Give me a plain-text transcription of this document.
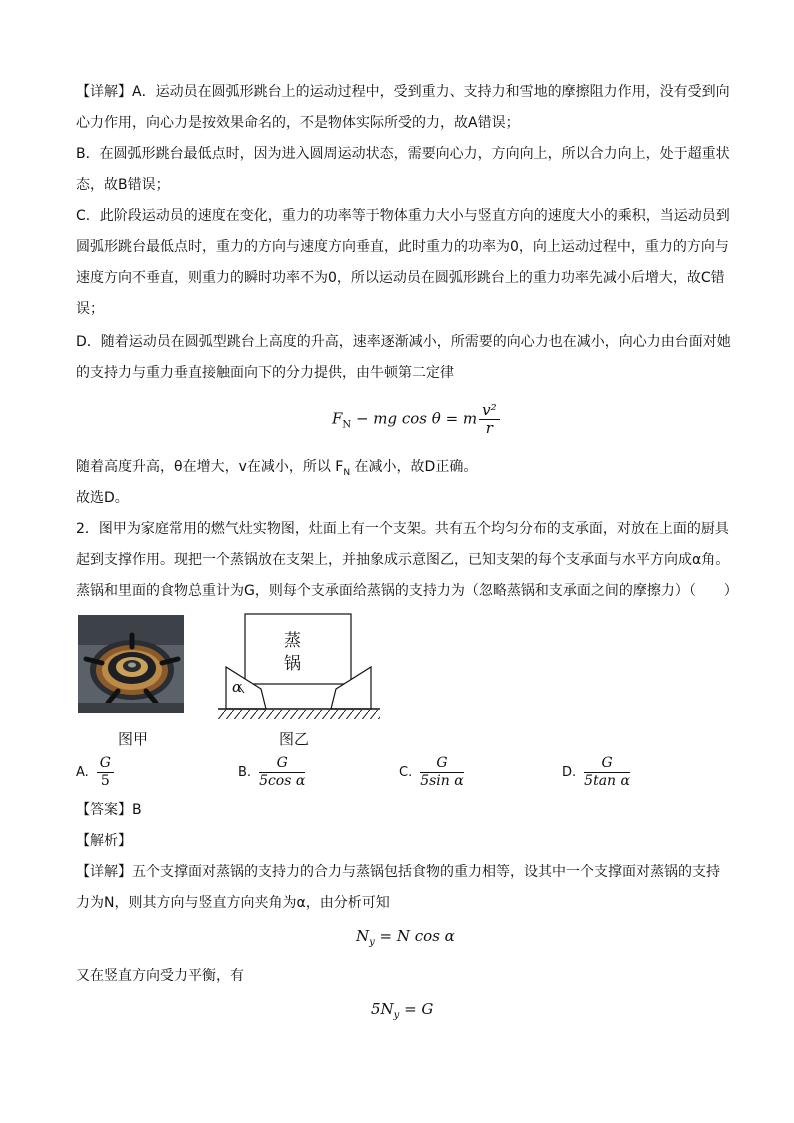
【详解】A．运动员在圆弧形跳台上的运动过程中，受到重力、支持力和雪地的摩擦阻力作用，没有受到向
心力作用，向心力是按效果命名的，不是物体实际所受的力，故A错误；
B．在圆弧形跳台最低点时，因为进入圆周运动状态，需要向心力，方向向上，所以合力向上，处于超重状
态，故B错误；
C．此阶段运动员的速度在变化，重力的功率等于物体重力大小与竖直方向的速度大小的乘积，当运动员到
圆弧形跳台最低点时，重力的方向与速度方向垂直，此时重力的功率为0，向上运动过程中，重力的方向与
速度方向不垂直，则重力的瞬时功率不为0，所以运动员在圆弧形跳台上的重力功率先减小后增大，故C错
误；
D．随着运动员在圆弧型跳台上高度的升高，速率逐渐减小，所需要的向心力也在减小，向心力由台面对她
的支持力与重力垂直接触面向下的分力提供，由牛顿第二定律
$F_N$ − mg cos θ = m $\frac{\text{v²}}{r}$
随着高度升高，θ在增大，v在减小，所以 $F_N$ 在减小，故D正确。
故选D。
2．图甲为家庭常用的燃气灶实物图，灶面上有一个支架。共有五个均匀分布的支承面，对放在上面的厨具
起到支撑作用。现把一个蒸锅放在支架上，并抽象成示意图乙，已知支架的每个支承面与水平方向成α角。
蒸锅和里面的食物总重计为G，则每个支承面给蒸锅的支持力为（忽略蒸锅和支承面之间的摩擦力）（　　）
蒸
锅
α
图甲	图乙
A. $\frac{G}{5}$	B. $\frac{G}{\text{5cos α}}$	C. $\frac{G}{\text{5sin α}}$	D. $\frac{G}{\text{5tan α}}$
【答案】B
【解析】
【详解】五个支撑面对蒸锅的支持力的合力与蒸锅包括食物的重力相等，设其中一个支撑面对蒸锅的支持
力为N，则其方向与竖直方向夹角为α，由分析可知
$N_y = N$ cos α
又在竖直方向受力平衡，有
$5N_y = G$
